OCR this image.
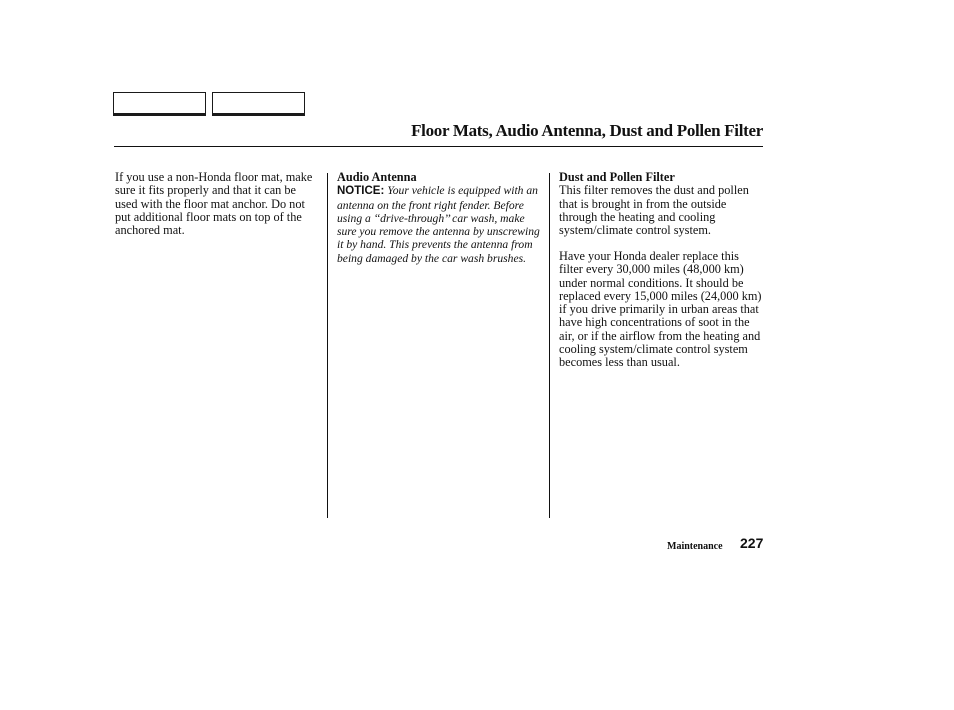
Floor Mats, Audio Antenna, Dust and Pollen Filter

If you use a non-Honda floor mat, make sure it fits properly and that it can be used with the floor mat anchor. Do not put additional floor mats on top of the anchored mat.

Audio Antenna

NOTICE: Your vehicle is equipped with an antenna on the front right fender. Before using a ‘‘drive-through’’ car wash, make sure you remove the antenna by unscrewing it by hand. This prevents the antenna from being damaged by the car wash brushes.

Dust and Pollen Filter

This filter removes the dust and pollen that is brought in from the outside through the heating and cooling system/climate control system.

Have your Honda dealer replace this filter every 30,000 miles (48,000 km) under normal conditions. It should be replaced every 15,000 miles (24,000 km) if you drive primarily in urban areas that have high concentrations of soot in the air, or if the airflow from the heating and cooling system/climate control system becomes less than usual.

Maintenance 227
